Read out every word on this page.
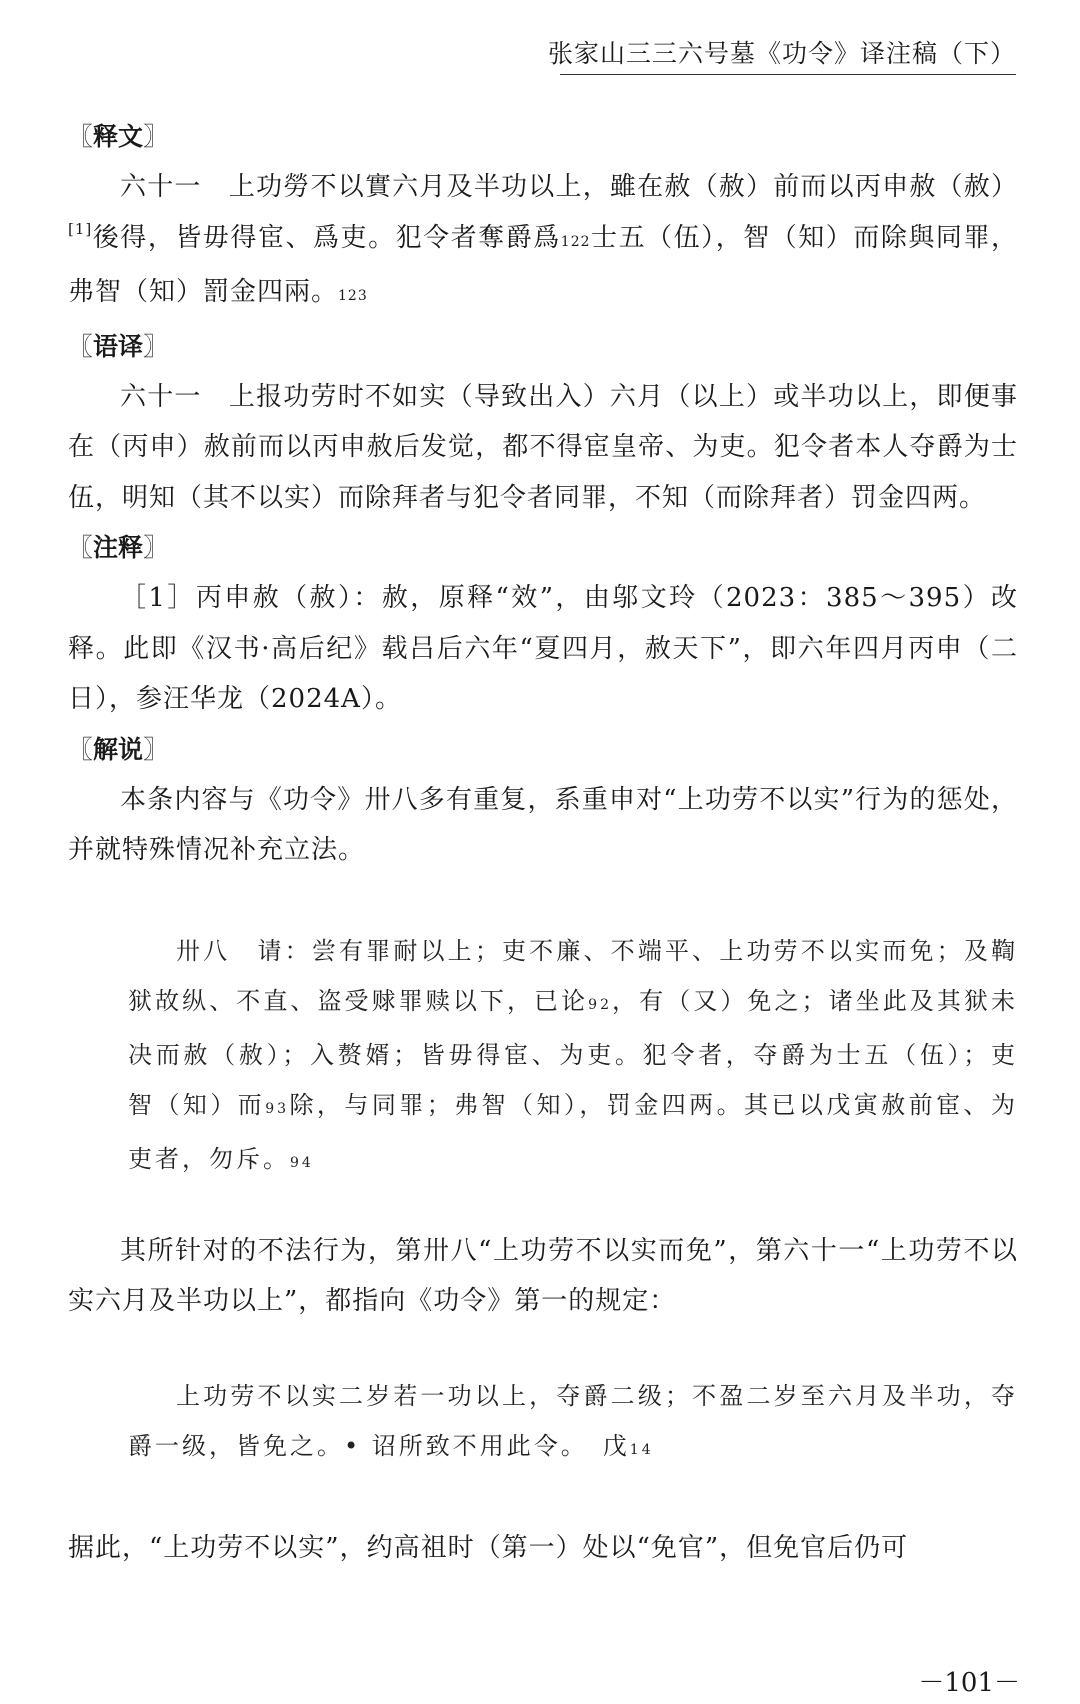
张家山三三六号墓《功令》译注稿（下）
〖释文〗
六十一　上功勞不以實六月及半功以上，雖在赦（赦）前而以丙申赦（赦）[1]後得，皆毋得宦、爲吏。犯令者奪爵爲122士五（伍），智（知）而除與同罪，弗智（知）罰金四兩。123
〖语译〗
六十一　上报功劳时不如实（导致出入）六月（以上）或半功以上，即便事在（丙申）赦前而以丙申赦后发觉，都不得宦皇帝、为吏。犯令者本人夺爵为士伍，明知（其不以实）而除拜者与犯令者同罪，不知（而除拜者）罚金四两。
〖注释〗
［1］丙申赦（赦）：赦，原释“效”，由邬文玲（2023：385～395）改释。此即《汉书·高后纪》载吕后六年“夏四月，赦天下”，即六年四月丙申（二日），参汪华龙（2024A）。
〖解说〗
本条内容与《功令》卅八多有重复，系重申对“上功劳不以实”行为的惩处，并就特殊情况补充立法。
卅八　请：尝有罪耐以上；吏不廉、不端平、上功劳不以实而免；及鞫狱故纵、不直、盗受赇罪赎以下，已论92，有（又）免之；诸坐此及其狱未决而赦（赦）；入赘婿；皆毋得宦、为吏。犯令者，夺爵为士五（伍）；吏智（知）而93除，与同罪；弗智（知），罚金四两。其已以戊寅赦前宦、为吏者，勿斥。94
其所针对的不法行为，第卅八“上功劳不以实而免”，第六十一“上功劳不以实六月及半功以上”，都指向《功令》第一的规定：
上功劳不以实二岁若一功以上，夺爵二级；不盈二岁至六月及半功，夺爵一级，皆免之。• 诏所致不用此令。　戊14
据此，“上功劳不以实”，约高祖时（第一）处以“免官”，但免官后仍可
－101－
